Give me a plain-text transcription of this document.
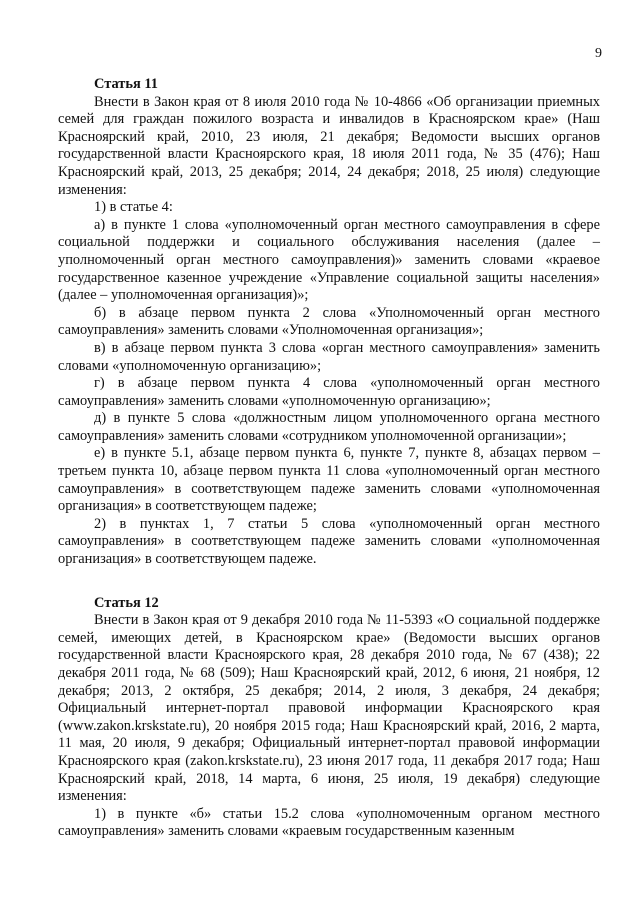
9

Статья 11

Внести в Закон края от 8 июля 2010 года № 10-4866 «Об организации приемных семей для граждан пожилого возраста и инвалидов в Красноярском крае» (Наш Красноярский край, 2010, 23 июля, 21 декабря; Ведомости высших органов государственной власти Красноярского края, 18 июля 2011 года, № 35 (476); Наш Красноярский край, 2013, 25 декабря; 2014, 24 декабря; 2018, 25 июля) следующие изменения:

1) в статье 4:

а) в пункте 1 слова «уполномоченный орган местного самоуправления в сфере социальной поддержки и социального обслуживания населения (далее – уполномоченный орган местного самоуправления)» заменить словами «краевое государственное казенное учреждение «Управление социальной защиты населения» (далее – уполномоченная организация)»;

б) в абзаце первом пункта 2 слова «Уполномоченный орган местного самоуправления» заменить словами «Уполномоченная организация»;

в) в абзаце первом пункта 3 слова «орган местного самоуправления» заменить словами «уполномоченную организацию»;

г) в абзаце первом пункта 4 слова «уполномоченный орган местного самоуправления» заменить словами «уполномоченную организацию»;

д) в пункте 5 слова «должностным лицом уполномоченного органа местного самоуправления» заменить словами «сотрудником уполномоченной организации»;

е) в пункте 5.1, абзаце первом пункта 6, пункте 7, пункте 8, абзацах первом – третьем пункта 10, абзаце первом пункта 11 слова «уполномоченный орган местного самоуправления» в соответствующем падеже заменить словами «уполномоченная организация» в соответствующем падеже;

2) в пунктах 1, 7 статьи 5 слова «уполномоченный орган местного самоуправления» в соответствующем падеже заменить словами «уполномоченная организация» в соответствующем падеже.

Статья 12

Внести в Закон края от 9 декабря 2010 года № 11-5393 «О социальной поддержке семей, имеющих детей, в Красноярском крае» (Ведомости высших органов государственной власти Красноярского края, 28 декабря 2010 года, № 67 (438); 22 декабря 2011 года, № 68 (509); Наш Красноярский край, 2012, 6 июня, 21 ноября, 12 декабря; 2013, 2 октября, 25 декабря; 2014, 2 июля, 3 декабря, 24 декабря; Официальный интернет-портал правовой информации Красноярского края (www.zakon.krskstate.ru), 20 ноября 2015 года; Наш Красноярский край, 2016, 2 марта, 11 мая, 20 июля, 9 декабря; Официальный интернет-портал правовой информации Красноярского края (zakon.krskstate.ru), 23 июня 2017 года, 11 декабря 2017 года; Наш Красноярский край, 2018, 14 марта, 6 июня, 25 июля, 19 декабря) следующие изменения:

1) в пункте «б» статьи 15.2 слова «уполномоченным органом местного самоуправления» заменить словами «краевым государственным казенным
